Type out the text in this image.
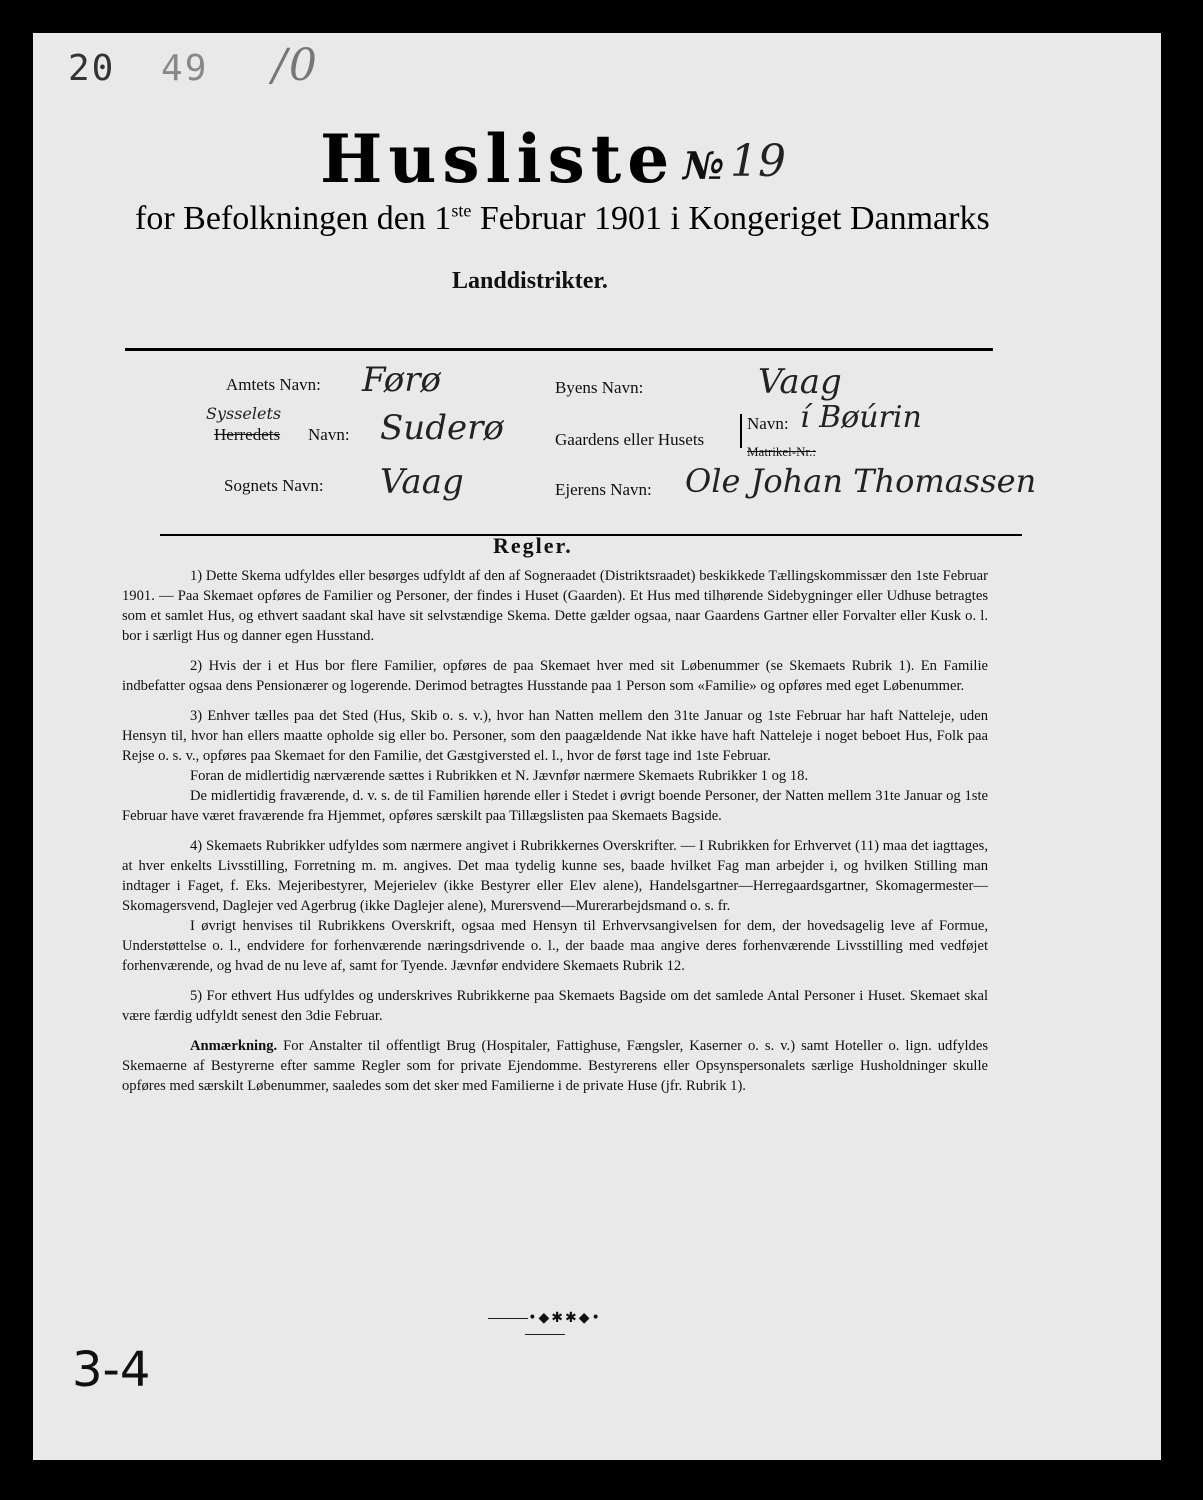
20 49 /0
Husliste № 19
for Befolkningen den 1ste Februar 1901 i Kongeriget Danmarks
Landdistrikter.
Amtets Navn: Førø
Sysselets
Herredets Navn: Suderø
Sognets Navn: Vaag
Byens Navn:	Vaag
Gaardens eller Husets
Navn: í Bøúrin
Matrikel-Nr.:
Ejerens Navn: Ole Johan Thomassen
Regler.

1) Dette Skema udfyldes eller besørges udfyldt af den af Sogneraadet (Distriktsraadet) beskikkede Tællingskommissær den 1ste Februar 1901. — Paa Skemaet opføres de Familier og Personer, der findes i Huset (Gaarden). Et Hus med tilhørende Sidebygninger eller Udhuse betragtes som et samlet Hus, og ethvert saadant skal have sit selvstændige Skema. Dette gælder ogsaa, naar Gaardens Gartner eller Forvalter eller Kusk o. l. bor i særligt Hus og danner egen Husstand.

2) Hvis der i et Hus bor flere Familier, opføres de paa Skemaet hver med sit Løbenummer (se Skemaets Rubrik 1). En Familie indbefatter ogsaa dens Pensionærer og logerende. Derimod betragtes Husstande paa 1 Person som «Familie» og opføres med eget Løbenummer.

3) Enhver tælles paa det Sted (Hus, Skib o. s. v.), hvor han Natten mellem den 31te Januar og 1ste Februar har haft Natteleje, uden Hensyn til, hvor han ellers maatte opholde sig eller bo. Personer, som den paagældende Nat ikke have haft Natteleje i noget beboet Hus, Folk paa Rejse o. s. v., opføres paa Skemaet for den Familie, det Gæstgiversted el. l., hvor de først tage ind 1ste Februar.

Foran de midlertidig nærværende sættes i Rubrikken et N. Jævnfør nærmere Skemaets Rubrikker 1 og 18.

De midlertidig fraværende, d. v. s. de til Familien hørende eller i Stedet i øvrigt boende Personer, der Natten mellem 31te Januar og 1ste Februar have været fraværende fra Hjemmet, opføres særskilt paa Tillægslisten paa Skemaets Bagside.

4) Skemaets Rubrikker udfyldes som nærmere angivet i Rubrikkernes Overskrifter. — I Rubrikken for Erhvervet (11) maa det iagttages, at hver enkelts Livsstilling, Forretning m. m. angives. Det maa tydelig kunne ses, baade hvilket Fag man arbejder i, og hvilken Stilling man indtager i Faget, f. Eks. Mejeribestyrer, Mejerielev (ikke Bestyrer eller Elev alene), Handelsgartner—Herregaardsgartner, Skomagermester—Skomagersvend, Daglejer ved Agerbrug (ikke Daglejer alene), Murersvend—Murerarbejdsmand o. s. fr.

I øvrigt henvises til Rubrikkens Overskrift, ogsaa med Hensyn til Erhvervsangivelsen for dem, der hovedsagelig leve af Formue, Understøttelse o. l., endvidere for forhenværende næringsdrivende o. l., der baade maa angive deres forhenværende Livsstilling med vedføjet forhenværende, og hvad de nu leve af, samt for Tyende. Jævnfør endvidere Skemaets Rubrik 12.

5) For ethvert Hus udfyldes og underskrives Rubrikkerne paa Skemaets Bagside om det samlede Antal Personer i Huset. Skemaet skal være færdig udfyldt senest den 3die Februar.

Anmærkning. For Anstalter til offentligt Brug (Hospitaler, Fattighuse, Fængsler, Kaserner o. s. v.) samt Hoteller o. lign. udfyldes Skemaerne af Bestyrerne efter samme Regler som for private Ejendomme. Bestyrerens eller Opsynspersonalets særlige Husholdninger skulle opføres med særskilt Løbenummer, saaledes som det sker med Familierne i de private Huse (jfr. Rubrik 1).

•◆✱✱◆•
3-4
